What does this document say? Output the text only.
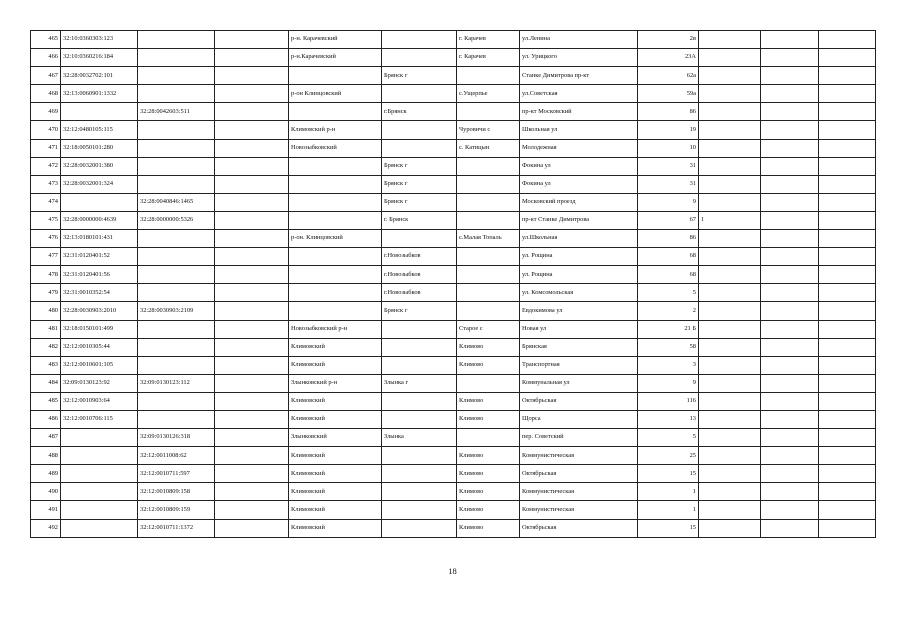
465	32:10:0360303:123			р-н. Карачевский		г. Карачев	ул.Ленина	2в			
466	32:10:0360216:184			р-н.Карачевский		г. Карачев	ул. Урицкого	23А			
467	32:28:0032702:101				Брянск г		Станке Димитрова пр-кт	62а			
468	32:13:0060901:1332			р-он Клинцовский		с.Ущерпье	ул.Советская	59а			
469		32:28:0042603:511			г.Брянск		пр-кт Московский	86			
470	32:12:0480105:115			Климовский р-н		Чуровичи с	Школьная ул	19			
471	32:18:0050101:280			Новозыбковский		с. Катицын	Молодежная	10			
472	32:28:0032001:380				Брянск г		Фокина ул	31			
473	32:28:0032001:324				Брянск г		Фокина ул	31			
474		32:28:0040846:1465			Брянск г		Московский проезд	9			
475	32:28:0000000:4639	32:28:0000000:5326			г. Брянск		пр-кт Станке Димитрова	67	1		
476	32:13:0180101:431			р-он. Клинцовский		с.Малая Топаль	ул.Школьная	86			
477	32:31:0120401:52				г.Новозыбков		ул. Рощина	68			
478	32:31:0120401:56				г.Новозыбков		ул. Рощина	68			
479	32:31:0010352:54				г.Новозыбков		ул. Комсомольская	5			
480	32:28:0030903:2010	32:28:0030903:2109			Брянск г		Евдокимова ул	2			
481	32:18:0150101:499			Новозыбковский р-н		Старое с	Новая ул	21 Б			
482	32:12:0010305:44			Климовский		Климово	Брянская	58			
483	32:12:0010601:105			Климовский		Климово	Транспортная	3			
484	32:09:0130123:92	32:09:0130123:112		Злынковский р-н	Злынка г		Коммунальная ул	9			
485	32:12:0010903:64			Климовский		Климово	Октябрьская	116			
486	32:12:0010706:115			Климовский		Климово	Щорса	13			
487		32:09:0130126:318		Злынковский	Злынка		пер. Советский	5			
488		32:12:0011008:62		Климовский		Климово	Коммунистическая	25			
489		32:12:0010711:597		Климовский		Климово	Октябрьская	15			
490		32:12:0010809:158		Климовский		Климово	Коммунистическая	1			
491		32:12:0010809:159		Климовский		Климово	Коммунистическая	1			
492		32:12:0010711:1372		Климовский		Климово	Октябрьская	15			
18
